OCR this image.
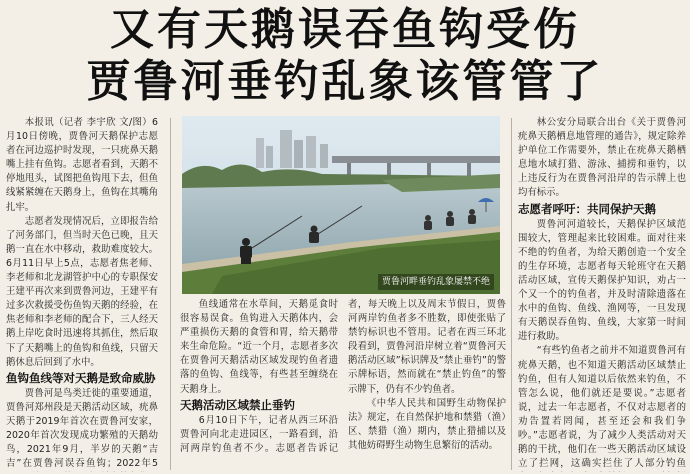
又有天鹅误吞鱼钩受伤
贾鲁河垂钓乱象该管管了

本报讯（记者 李宇欣 文/图）6月10日傍晚，贾鲁河天鹅保护志愿者在河边巡护时发现，一只疣鼻天鹅嘴上挂有鱼钩。志愿者看到，天鹅不停地甩头，试图把鱼钩甩下去，但鱼线紧紧缠在天鹅身上，鱼钩在其嘴角扎牢。

志愿者发现情况后，立即报告给了河务部门，但当时天色已晚，且天鹅一直在水中移动，救助难度较大。6月11日早上5点，志愿者焦老师、李老师和北龙湖管护中心的专职保安王建平再次来到贾鲁河边，王建平有过多次救援受伤鱼钩天鹅的经验，在焦老师和李老师的配合下，三人经天鹅上岸吃食时迅速将其抓住，然后取下了天鹅嘴上的鱼钩和鱼线，只留天鹅休息后回到了水中。

鱼钩鱼线等对天鹅是致命威胁

贾鲁河是鸟类迁徙的重要通道，贾鲁河郑州段是天鹅活动区域，疣鼻天鹅于2019年首次在贾鲁河安家，2020年首次发现成功繁殖的天鹅幼鸟，2021年9月，半岁的天鹅“吉吉”在贾鲁河误吞鱼钩；2022年5

贾鲁河畔垂钓乱象屡禁不绝

鱼线通常在水草间，天鹅觅食时很容易误食。鱼钩进入天鹅体内，会严重损伤天鹅的食管和胃，给天鹅带来生命危险。“近一个月，志愿者多次在贾鲁河天鹅活动区域发现钓鱼者遗落的鱼钩、鱼线等，有些甚至缠绕在天鹅身上。

天鹅活动区域禁止垂钓

6月10日下午，记者从西三环沿贾鲁河向北走进园区，一路看到，沿河两岸钓鱼者不少。志愿者告诉记者，每天晚上以及周末节假日，贾鲁河两岸钓鱼者多不胜数，即使张贴了禁钓标识也不管用。记者在西三环北段看到，贾鲁河沿岸树立着“贾鲁河天鹅活动区域”标识牌及“禁止垂钓”的警示牌标语，然而就在“禁止钓鱼”的警示牌下，仍有不少钓鱼者。

《中华人民共和国野生动物保护法》规定，在自然保护地和禁猎（渔）区、禁猎（渔）期内，禁止猎捕以及其他妨碍野生动物生息繁衍的活动。

林公安分局联合出台《关于贾鲁河疣鼻天鹅栖息地管理的通告》，规定除养护单位工作需要外，禁止在疣鼻天鹅栖息地水域打猎、游泳、捕捞和垂钓，以上违反行为在贾鲁河沿岸的告示牌上也均有标示。

志愿者呼吁：共同保护天鹅

贾鲁河河道较长，天鹅保护区域范围较大，管理起来比较困难。面对往来不绝的钓鱼者，为给天鹅创造一个安全的生存环境，志愿者每天轮班守在天鹅活动区域，宣传天鹅保护知识，劝占一个又一个的钓鱼者，并及时清除遗落在水中的鱼钩、鱼线、渔网等，一旦发现有天鹅误吞鱼钩、鱼线，大家第一时间进行救助。

“有些钓鱼者之前并不知道贾鲁河有疣鼻天鹅，也不知道天鹅活动区域禁止钓鱼，但有人知道以后依然来钓鱼，不管怎么说，他们就还是要说。”志愿者说，过去一年志愿者，不仅对志愿者的劝告置若罔闻，甚至还会和我们争吵。”志愿者说，为了减少人类活动对天鹅的干扰，他们在一些天鹅活动区域设立了拦网，这确实拦住了人部分钓鱼
